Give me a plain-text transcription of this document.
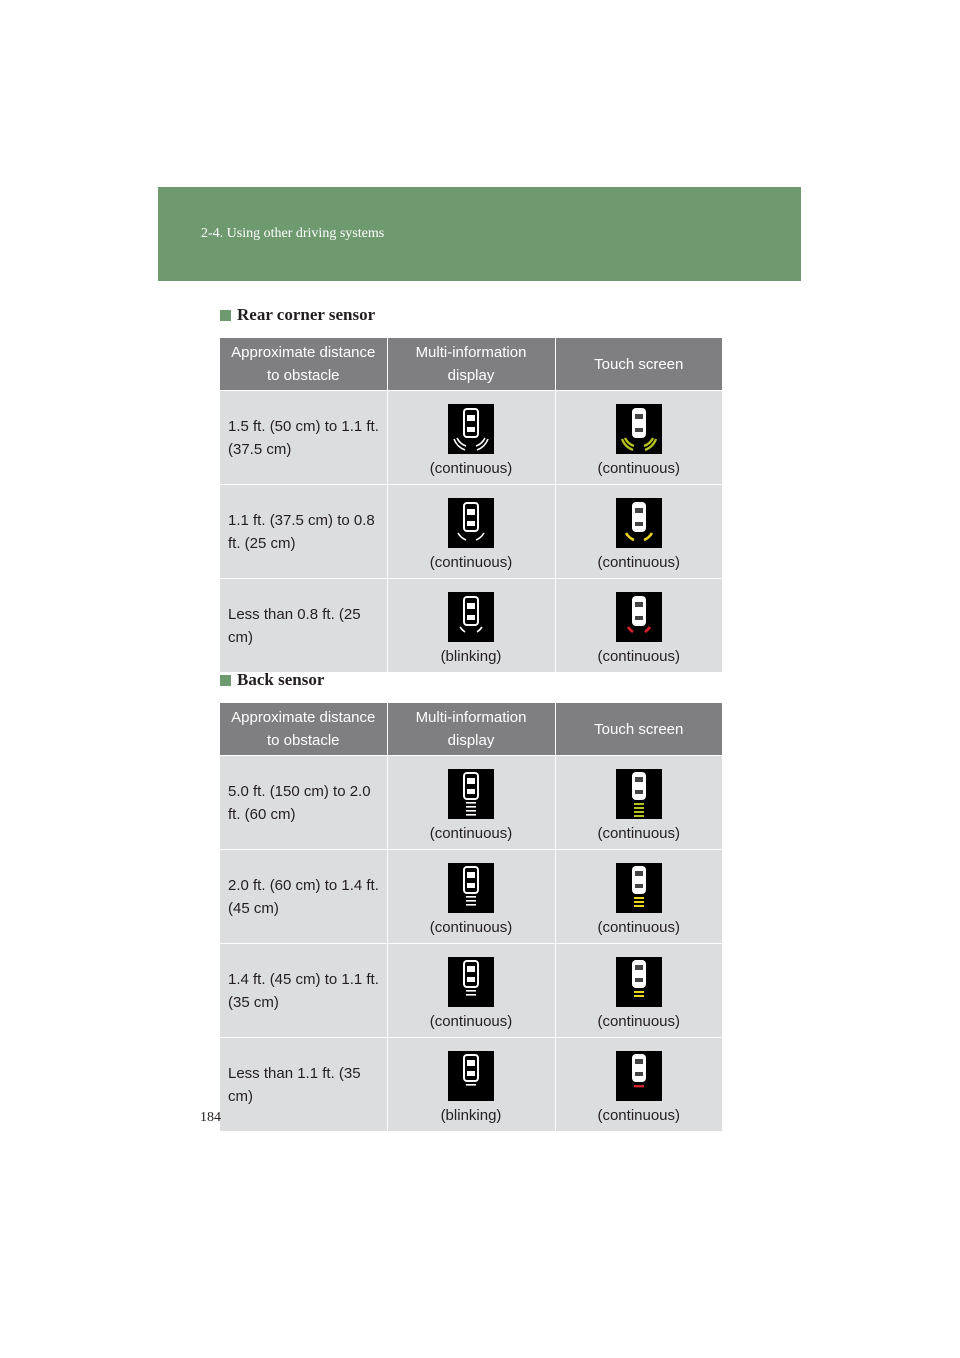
2-4. Using other driving systems
Rear corner sensor
Approximate distance to obstacle	Multi-information display	Touch screen
1.5 ft. (50 cm) to 1.1 ft. (37.5 cm)	(continuous)	(continuous)

1.1 ft. (37.5 cm) to 0.8 ft. (25 cm)	(continuous)	(continuous)

Less than 0.8 ft. (25 cm)	(blinking)	(continuous)
Back sensor
Approximate distance to obstacle	Multi-information display	Touch screen
5.0 ft. (150 cm) to 2.0 ft. (60 cm)	(continuous)	(continuous)

2.0 ft. (60 cm) to 1.4 ft. (45 cm)	(continuous)	(continuous)

1.4 ft. (45 cm) to 1.1 ft. (35 cm)	(continuous)	(continuous)

Less than 1.1 ft. (35 cm)	(blinking)	(continuous)
184
